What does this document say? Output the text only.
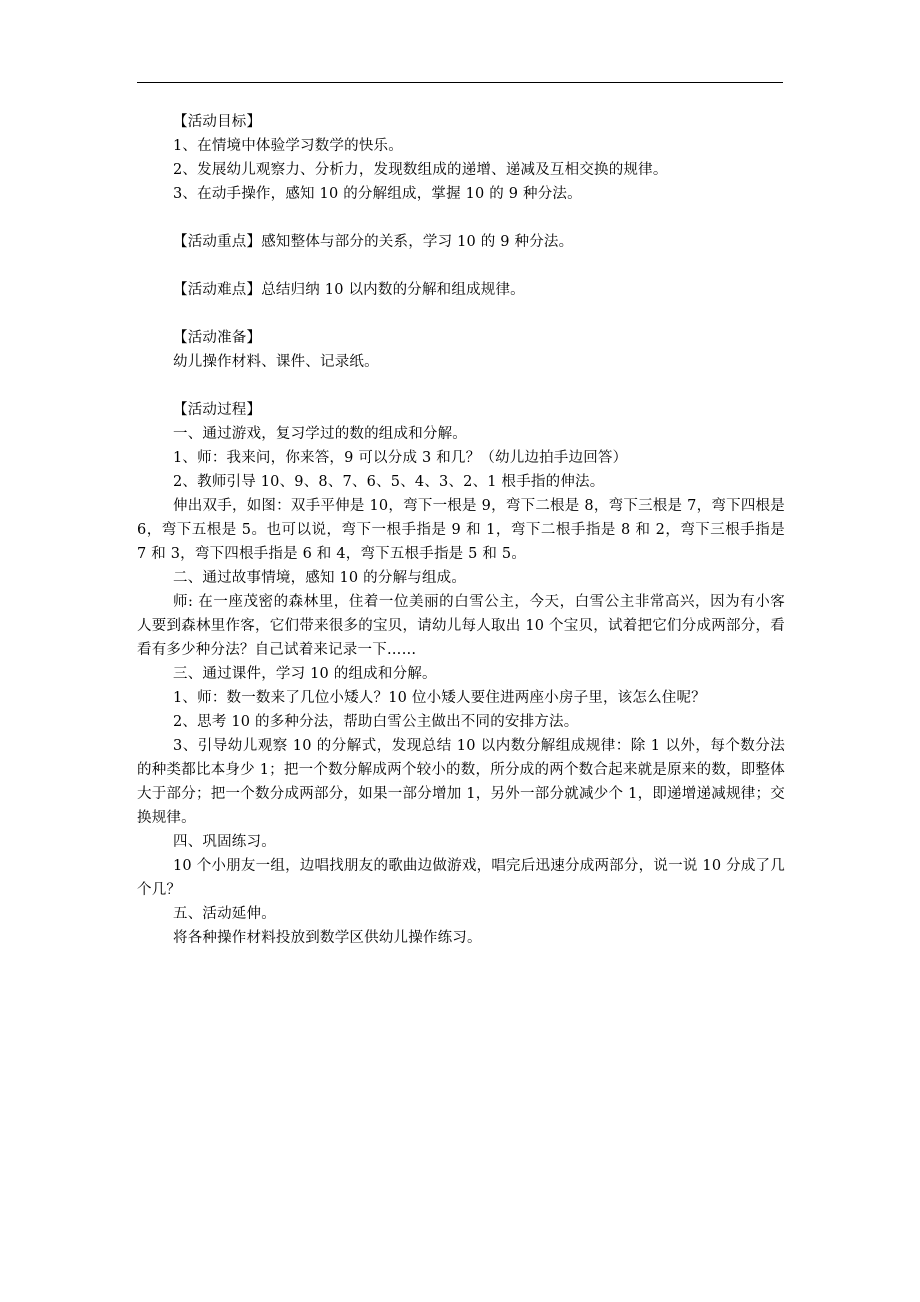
【活动目标】

1、在情境中体验学习数学的快乐。

2、发展幼儿观察力、分析力，发现数组成的递增、递减及互相交换的规律。

3、在动手操作，感知 10 的分解组成，掌握 10 的 9 种分法。

【活动重点】感知整体与部分的关系，学习 10 的 9 种分法。

【活动难点】总结归纳 10 以内数的分解和组成规律。

【活动准备】

幼儿操作材料、课件、记录纸。

【活动过程】

一、通过游戏，复习学过的数的组成和分解。

1、师：我来问，你来答，9 可以分成 3 和几？（幼儿边拍手边回答）

2、教师引导 10、9、8、7、6、5、4、3、2、1 根手指的伸法。

伸出双手，如图：双手平伸是 10，弯下一根是 9，弯下二根是 8，弯下三根是 7，弯下四根是 6，弯下五根是 5。也可以说，弯下一根手指是 9 和 1，弯下二根手指是 8 和 2，弯下三根手指是 7 和 3，弯下四根手指是 6 和 4，弯下五根手指是 5 和 5。

二、通过故事情境，感知 10 的分解与组成。

师: 在一座茂密的森林里，住着一位美丽的白雪公主，今天，白雪公主非常高兴，因为有小客人要到森林里作客，它们带来很多的宝贝，请幼儿每人取出 10 个宝贝，试着把它们分成两部分，看看有多少种分法？自己试着来记录一下……

三、通过课件，学习 10 的组成和分解。

1、师：数一数来了几位小矮人？10 位小矮人要住进两座小房子里，该怎么住呢？

2、思考 10 的多种分法，帮助白雪公主做出不同的安排方法。

3、引导幼儿观察 10 的分解式，发现总结 10 以内数分解组成规律：除 1 以外，每个数分法的种类都比本身少 1；把一个数分解成两个较小的数，所分成的两个数合起来就是原来的数，即整体大于部分；把一个数分成两部分，如果一部分增加 1，另外一部分就减少个 1，即递增递减规律；交换规律。

四、巩固练习。

10 个小朋友一组，边唱找朋友的歌曲边做游戏，唱完后迅速分成两部分，说一说 10 分成了几个几？

五、活动延伸。

将各种操作材料投放到数学区供幼儿操作练习。
